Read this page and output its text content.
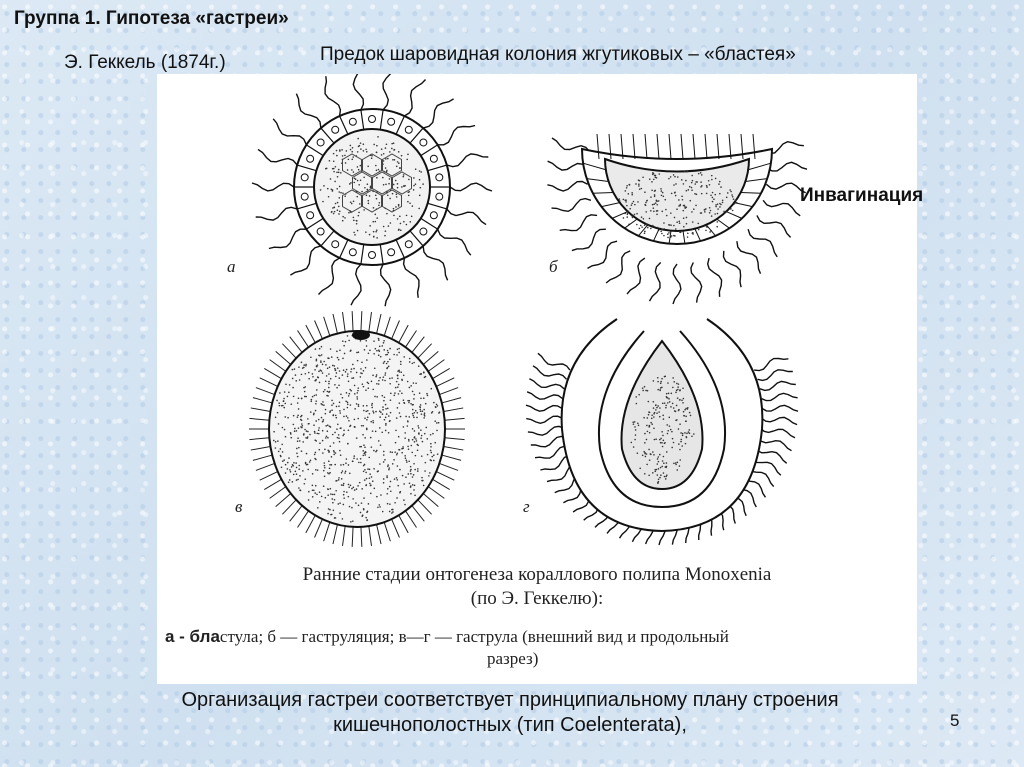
Группа 1. Гипотеза «гастреи»
Э. Геккель (1874г.)
а	б
в	г
Предок шаровидная колония жгутиковых – «бластея»
Инвагинация
Ранние стадии онтогенеза кораллового полипа Monoxenia
(по Э. Геккелю):
а - бластула; б — гаструляция; в—г — гаструла (внешний вид и продольный
разрез)
Организация гастреи соответствует принципиальному плану строения
кишечнополостных (тип Coelenterata),	5
